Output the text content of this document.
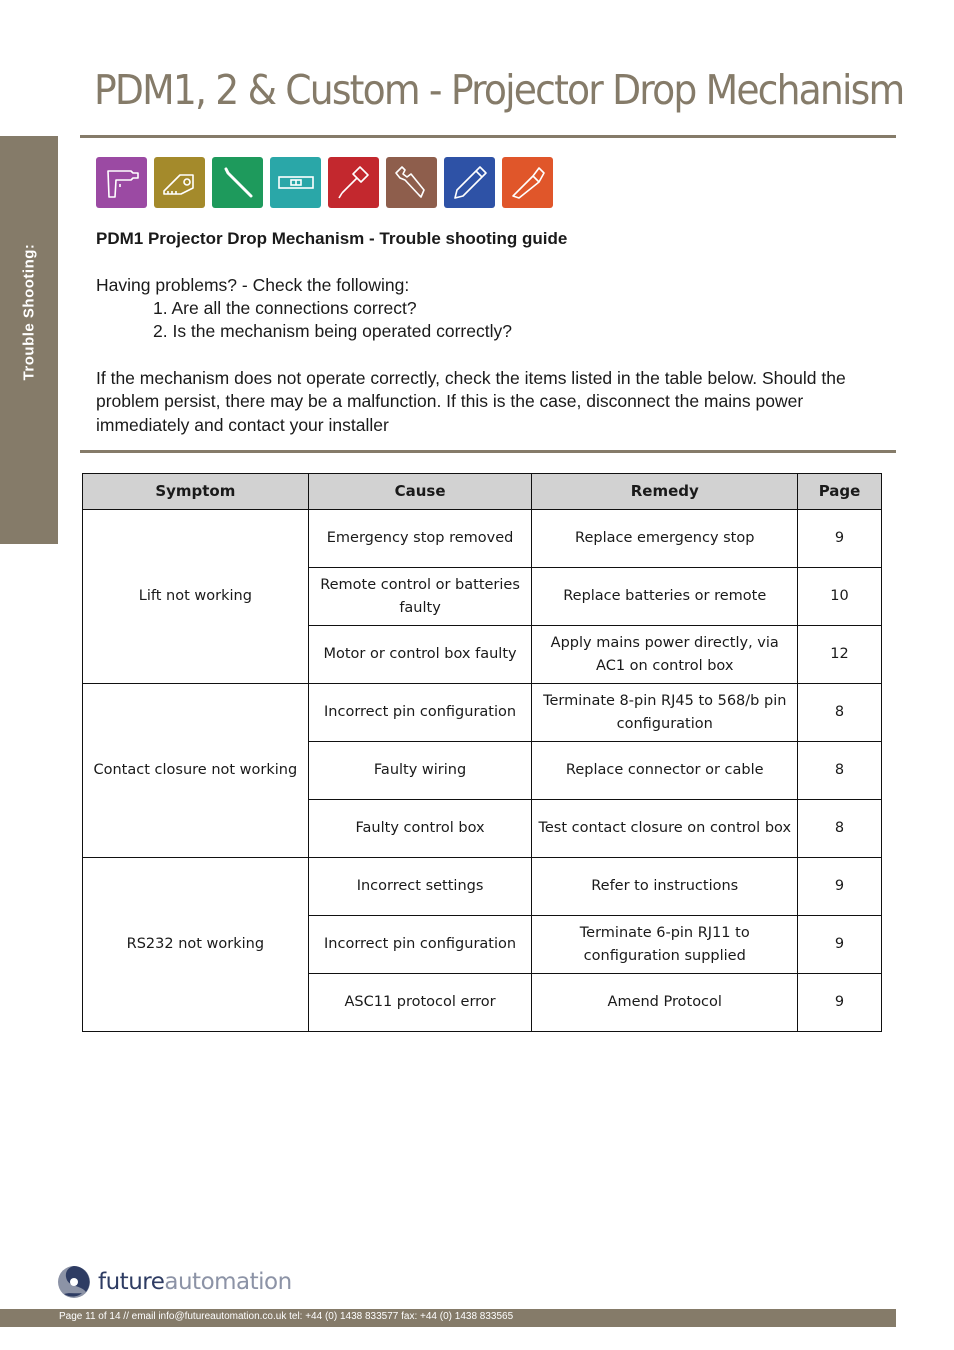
Trouble Shooting:
PDM1, 2 & Custom - Projector Drop Mechanism

PDM1 Projector Drop Mechanism - Trouble shooting guide

Having problems? - Check the following:

1. Are all the connections correct?
2. Is the mechanism being operated correctly?

If the mechanism does not operate correctly, check the items listed in the table below. Should the problem persist, there may be a malfunction. If this is the case, disconnect the mains power immediately and contact your installer

Symptom	Cause	Remedy	Page
Lift not working	Emergency stop removed	Replace emergency stop	9
	Remote control or batteries faulty	Replace batteries or remote	10
	Motor or control box faulty	Apply mains power directly, via AC1 on control box	12
Contact closure not working	Incorrect pin configuration	Terminate 8-pin RJ45 to 568/b pin configuration	8
	Faulty wiring	Replace connector or cable	8
	Faulty control box	Test contact closure on control box	8
RS232 not working	Incorrect settings	Refer to instructions	9
	Incorrect pin configuration	Terminate 6-pin RJ11 to configuration supplied	9
	ASC11 protocol error	Amend Protocol	9
futureautomation
Page 11 of 14 // email info@futureautomation.co.uk tel: +44 (0) 1438 833577 fax: +44 (0) 1438 833565
